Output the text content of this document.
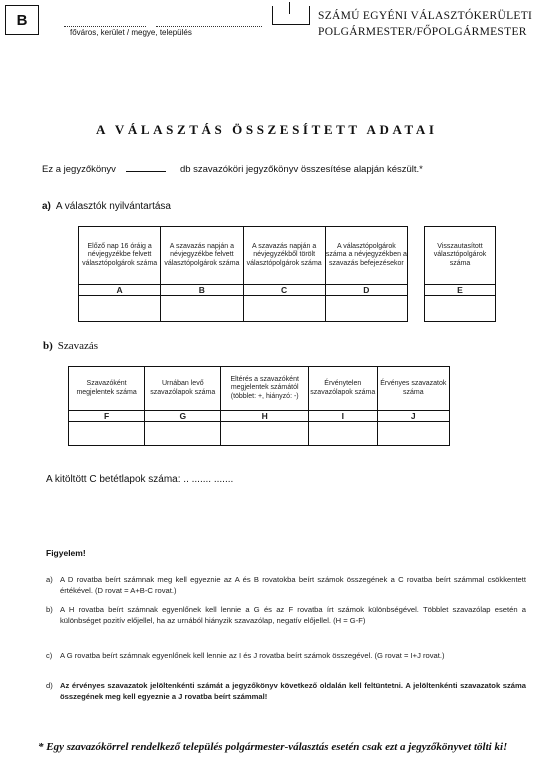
B
főváros, kerület / megye, település
SZÁMÚ EGYÉNI VÁLASZTÓKERÜLETI
POLGÁRMESTER/FŐPOLGÁRMESTER
A VÁLASZTÁS ÖSSZESÍTETT ADATAI
Ez a jegyzőkönyv	db szavazóköri jegyzőkönyv összesítése alapján készült.*
a) A választók nyilvántartása
Előző nap 16 óráig a névjegyzékbe felvett választópolgárok száma	A szavazás napján a névjegyzékbe felvett választópolgárok száma	A szavazás napján a névjegyzékből törölt választópolgárok száma	A választópolgárok száma a névjegyzékben a szavazás befejezésekor
A	B	C	D

Visszautasított választópolgárok száma
E

b) Szavazás
Szavazóként megjelentek száma	Urnában levő szavazólapok száma	Eltérés a szavazóként megjelentek számától (többlet: +, hiányzó: -)	Érvénytelen szavazólapok száma	Érvényes szavazatok száma
F	G	H	I	J

A kitöltött C betétlapok száma: .. ....... .......
Figyelem!
a) A D rovatba beírt számnak meg kell egyeznie az A és B rovatokba beírt számok összegének a C rovatba beírt számmal csökkentett értékével. (D rovat = A+B-C rovat.)
b) A H rovatba beírt számnak egyenlőnek kell lennie a G és az F rovatba írt számok különbségével. Többlet szavazólap esetén a különbséget pozitív előjellel, ha az urnából hiányzik szavazólap, negatív előjellel. (H = G-F)
c) A G rovatba beírt számnak egyenlőnek kell lennie az I és J rovatba beírt számok összegével. (G rovat = I+J rovat.)
d) Az érvényes szavazatok jelöltenkénti számát a jegyzőkönyv következő oldalán kell feltüntetni. A jelöltenkénti szavazatok száma összegének meg kell egyeznie a J rovatba beírt számmal!
* Egy szavazókörrel rendelkező település polgármester-választás esetén csak ezt a jegyzőkönyvet tölti ki!
